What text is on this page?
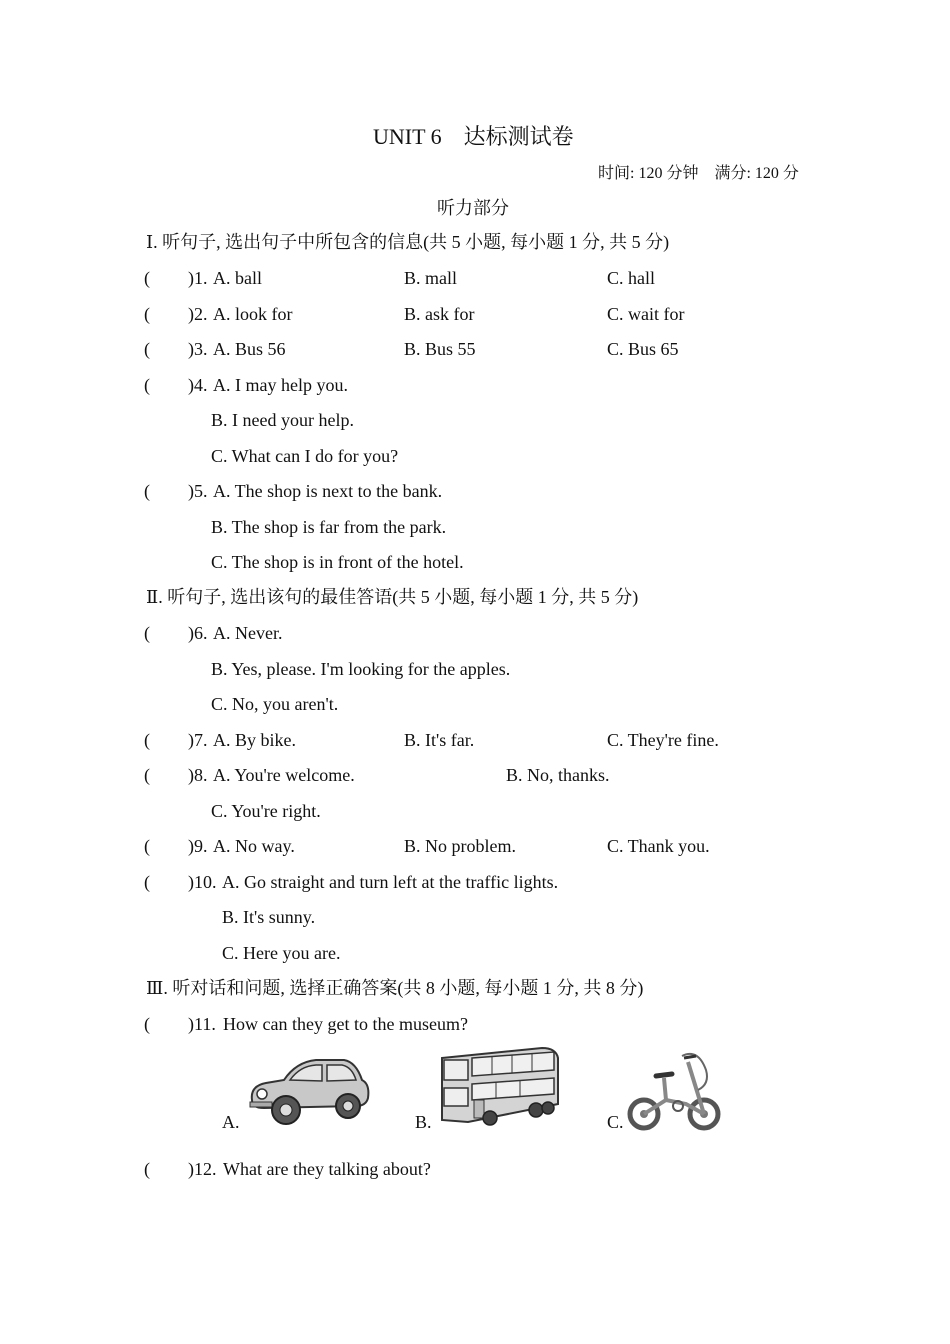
UNIT 6　达标测试卷
时间: 120 分钟　满分: 120 分
听力部分
Ⅰ. 听句子, 选出句子中所包含的信息(共 5 小题, 每小题 1 分, 共 5 分)
( )1. A. ball	B. mall	C. hall
( )2. A. look for	B. ask for	C. wait for
( )3. A. Bus 56	B. Bus 55	C. Bus 65
( )4. A. I may help you.
B. I need your help.
C. What can I do for you?
( )5. A. The shop is next to the bank.
B. The shop is far from the park.
C. The shop is in front of the hotel.
Ⅱ. 听句子, 选出该句的最佳答语(共 5 小题, 每小题 1 分, 共 5 分)
( )6. A. Never.
B. Yes, please. I'm looking for the apples.
C. No, you aren't.
( )7. A. By bike.	B. It's far.	C. They're fine.
( )8. A. You're welcome.	B. No, thanks.
C. You're right.
( )9. A. No way.	B. No problem.	C. Thank you.
( )10. A. Go straight and turn left at the traffic lights.
B. It's sunny.
C. Here you are.
Ⅲ. 听对话和问题, 选择正确答案(共 8 小题, 每小题 1 分, 共 8 分)
( )11. How can they get to the museum?
A.	B.	C.
( )12. What are they talking about?
